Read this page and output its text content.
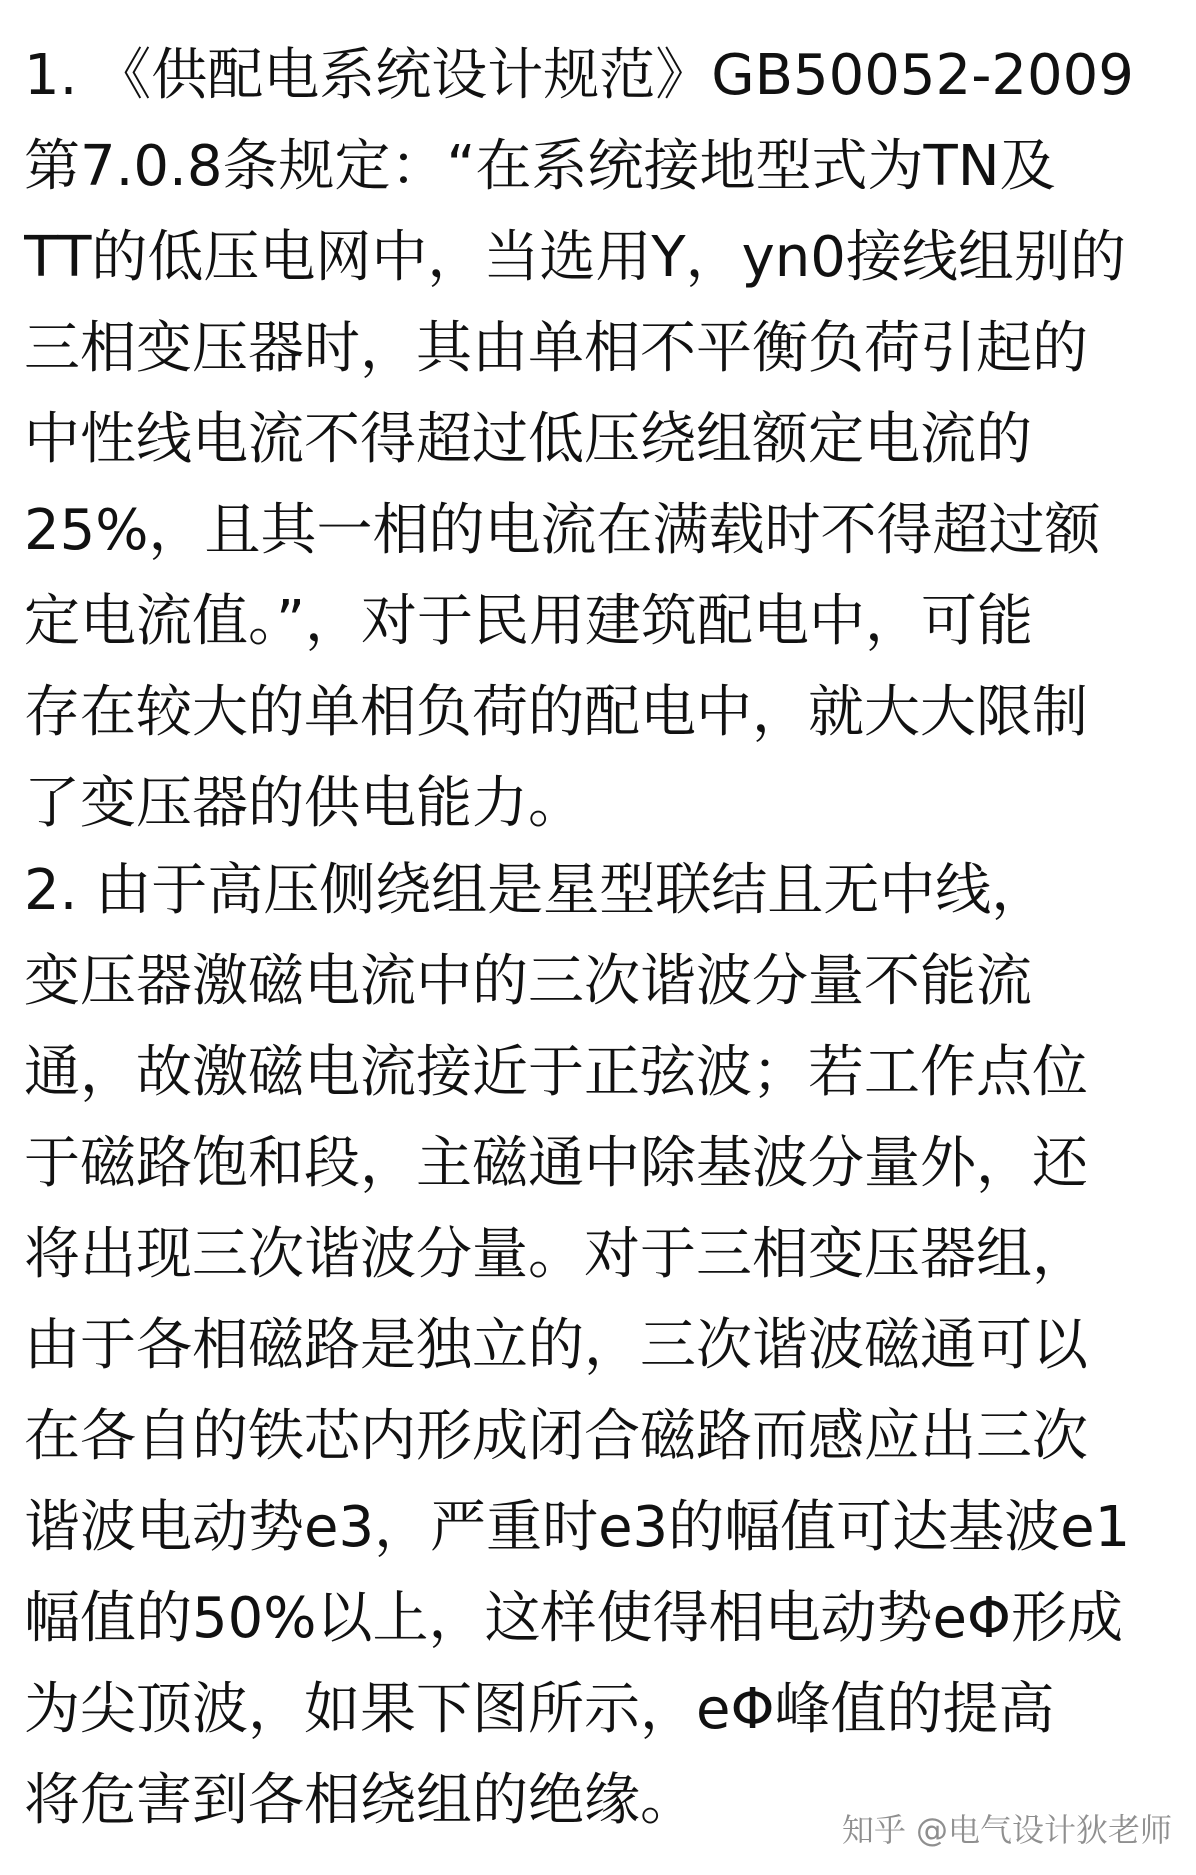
1. 《供配电系统设计规范》GB50052-2009
第7.0.8条规定：“在系统接地型式为TN及
TT的低压电网中，当选用Y，yn0接线组别的
三相变压器时，其由单相不平衡负荷引起的
中性线电流不得超过低压绕组额定电流的
25%，且其一相的电流在满载时不得超过额
定电流值。”，对于民用建筑配电中，可能
存在较大的单相负荷的配电中，就大大限制
了变压器的供电能力。
2. 由于高压侧绕组是星型联结且无中线，
变压器激磁电流中的三次谐波分量不能流
通，故激磁电流接近于正弦波；若工作点位
于磁路饱和段，主磁通中除基波分量外，还
将出现三次谐波分量。对于三相变压器组，
由于各相磁路是独立的，三次谐波磁通可以
在各自的铁芯内形成闭合磁路而感应出三次
谐波电动势e3，严重时e3的幅值可达基波e1
幅值的50%以上，这样使得相电动势eΦ形成
为尖顶波，如果下图所示，eΦ峰值的提高
将危害到各相绕组的绝缘。	知乎 @电气设计狄老师
